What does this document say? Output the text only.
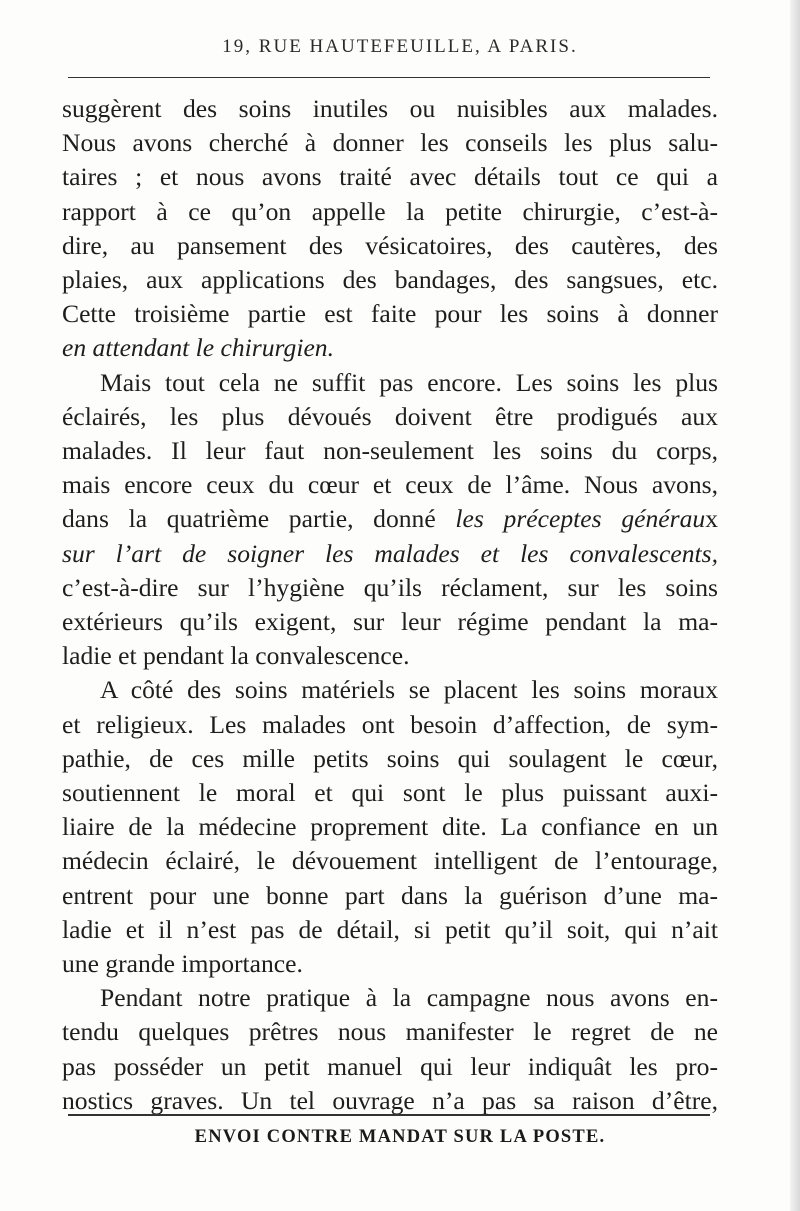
19, RUE HAUTEFEUILLE, A PARIS.
suggèrent des soins inutiles ou nuisibles aux malades.
Nous avons cherché à donner les conseils les plus salu-
taires ; et nous avons traité avec détails tout ce qui a
rapport à ce qu’on appelle la petite chirurgie, c’est-à-
dire, au pansement des vésicatoires, des cautères, des
plaies, aux applications des bandages, des sangsues, etc.
Cette troisième partie est faite pour les soins à donner
en attendant le chirurgien.
Mais tout cela ne suffit pas encore. Les soins les plus
éclairés, les plus dévoués doivent être prodigués aux
malades. Il leur faut non-seulement les soins du corps,
mais encore ceux du cœur et ceux de l’âme. Nous avons,
dans la quatrième partie, donné les préceptes généraux
sur l’art de soigner les malades et les convalescents,
c’est-à-dire sur l’hygiène qu’ils réclament, sur les soins
extérieurs qu’ils exigent, sur leur régime pendant la ma-
ladie et pendant la convalescence.
A côté des soins matériels se placent les soins moraux
et religieux. Les malades ont besoin d’affection, de sym-
pathie, de ces mille petits soins qui soulagent le cœur,
soutiennent le moral et qui sont le plus puissant auxi-
liaire de la médecine proprement dite. La confiance en un
médecin éclairé, le dévouement intelligent de l’entourage,
entrent pour une bonne part dans la guérison d’une ma-
ladie et il n’est pas de détail, si petit qu’il soit, qui n’ait
une grande importance.
Pendant notre pratique à la campagne nous avons en-
tendu quelques prêtres nous manifester le regret de ne
pas posséder un petit manuel qui leur indiquât les pro-
nostics graves. Un tel ouvrage n’a pas sa raison d’être,
ENVOI CONTRE MANDAT SUR LA POSTE.
